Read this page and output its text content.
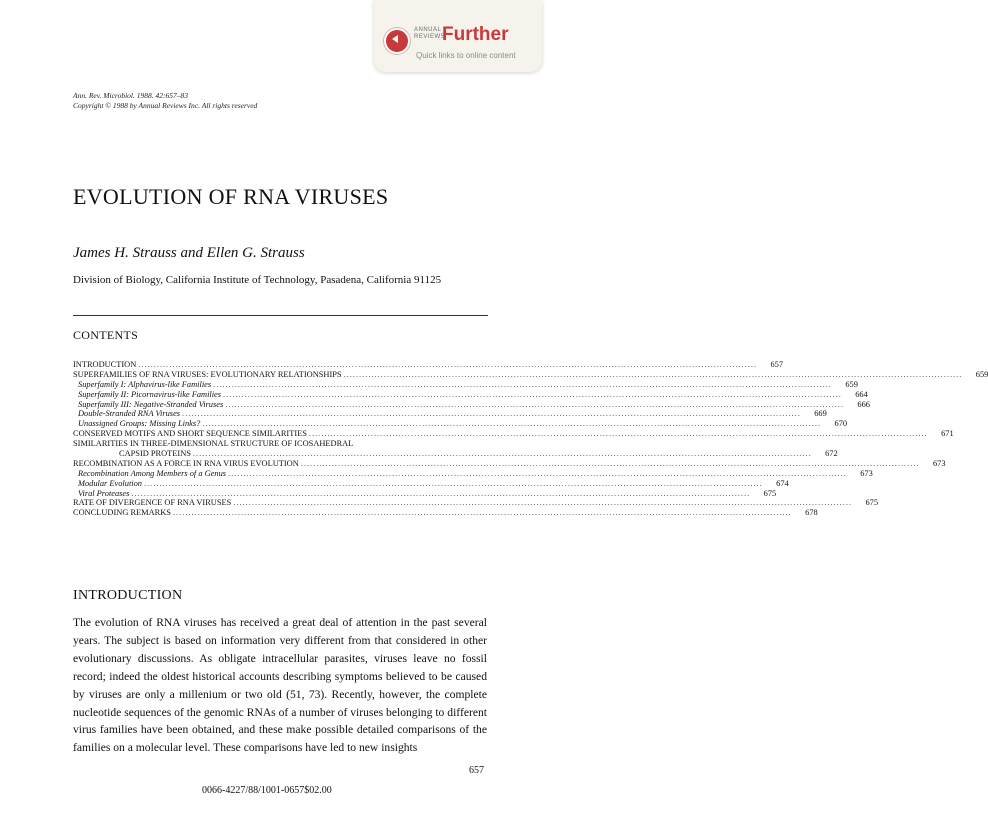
ANNUAL
REVIEWS
Further
Quick links to online content
Ann. Rev. Microbiol. 1988. 42:657–83
Copyright © 1988 by Annual Reviews Inc. All rights reserved
EVOLUTION OF RNA VIRUSES
James H. Strauss and Ellen G. Strauss
Division of Biology, California Institute of Technology, Pasadena, California 91125
CONTENTS
INTRODUCTION ........................................................................................................................................................................................................	657
SUPERFAMILIES OF RNA VIRUSES: EVOLUTIONARY RELATIONSHIPS ........................................................................................................................................................................................................	659
Superfamily I: Alphavirus-like Families ........................................................................................................................................................................................................	659
Superfamily II: Picornavirus-like Families ........................................................................................................................................................................................................	664
Superfamily III: Negative-Stranded Viruses ........................................................................................................................................................................................................	666
Double-Stranded RNA Viruses ........................................................................................................................................................................................................	669
Unassigned Groups: Missing Links? ........................................................................................................................................................................................................	670
CONSERVED MOTIFS AND SHORT SEQUENCE SIMILARITIES ........................................................................................................................................................................................................	671
SIMILARITIES IN THREE-DIMENSIONAL STRUCTURE OF ICOSAHEDRAL
CAPSID PROTEINS ........................................................................................................................................................................................................	672
RECOMBINATION AS A FORCE IN RNA VIRUS EVOLUTION ........................................................................................................................................................................................................	673
Recombination Among Members of a Genus ........................................................................................................................................................................................................	673
Modular Evolution ........................................................................................................................................................................................................	674
Viral Proteases ........................................................................................................................................................................................................	675
RATE OF DIVERGENCE OF RNA VIRUSES ........................................................................................................................................................................................................	675
CONCLUDING REMARKS ........................................................................................................................................................................................................	678
INTRODUCTION
The evolution of RNA viruses has received a great deal of attention in the past several years. The subject is based on information very different from that considered in other evolutionary discussions. As obligate intracellular parasites, viruses leave no fossil record; indeed the oldest historical accounts describing symptoms believed to be caused by viruses are only a millenium or two old (51, 73). Recently, however, the complete nucleotide sequences of the genomic RNAs of a number of viruses belonging to different virus families have been obtained, and these make possible detailed comparisons of the families on a molecular level. These comparisons have led to new insights
657
0066-4227/88/1001-0657$02.00
